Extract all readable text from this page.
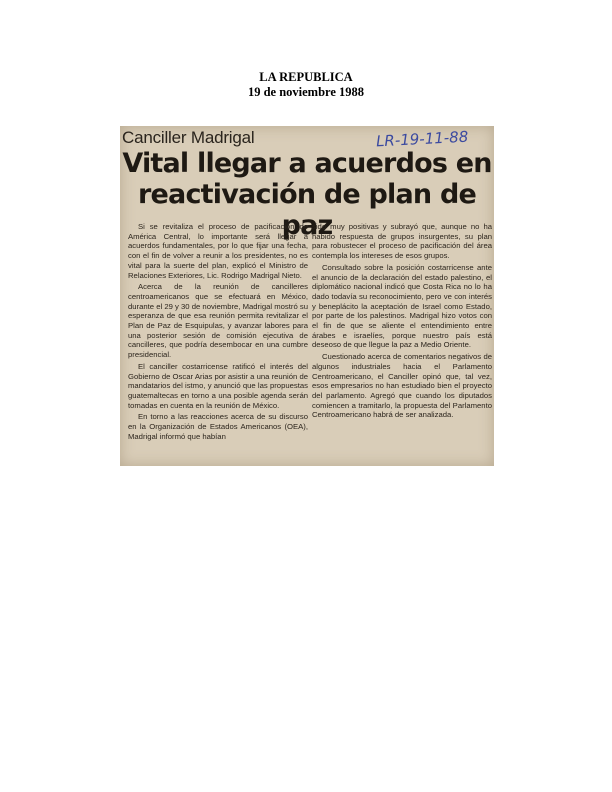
LA REPUBLICA
19 de noviembre 1988
Canciller Madrigal	LR-19-11-88
Vital llegar a acuerdos en
reactivación de plan de paz

Si se revitaliza el proceso de pacificación de América Central, lo importante será llegar a acuerdos fundamentales, por lo que fijar una fecha, con el fin de volver a reunir a los presidentes, no es vital para la suerte del plan, explicó el Ministro de Relaciones Exteriores, Lic. Rodrigo Madrigal Nieto.

Acerca de la reunión de cancilleres centroamericanos que se efectuará en México, durante el 29 y 30 de noviembre, Madrigal mostró su esperanza de que esa reunión permita revitalizar el Plan de Paz de Esquipulas, y avanzar labores para una posterior sesión de comisión ejecutiva de cancilleres, que podría desembocar en una cumbre presidencial.

El canciller costarricense ratificó el interés del Gobierno de Oscar Arias por asistir a una reunión de mandatarios del istmo, y anunció que las propuestas guatemaltecas en torno a una posible agenda serán tomadas en cuenta en la reunión de México.

En torno a las reacciones acerca de su discurso en la Organización de Estados Americanos (OEA), Madrigal informó que habían

sido muy positivas y subrayó que, aunque no ha habido respuesta de grupos insurgentes, su plan para robustecer el proceso de pacificación del área contempla los intereses de esos grupos.

Consultado sobre la posición costarricense ante el anuncio de la declaración del estado palestino, el diplomático nacional indicó que Costa Rica no lo ha dado todavía su reconocimiento, pero ve con interés y beneplácito la aceptación de Israel como Estado, por parte de los palestinos. Madrigal hizo votos con el fin de que se aliente el entendimiento entre árabes e israelíes, porque nuestro país está deseoso de que llegue la paz a Medio Oriente.

Cuestionado acerca de comentarios negativos de algunos industriales hacia el Parlamento Centroamericano, el Canciller opinó que, tal vez, esos empresarios no han estudiado bien el proyecto del parlamento. Agregó que cuando los diputados comiencen a tramitarlo, la propuesta del Parlamento Centroamericano habrá de ser analizada.
